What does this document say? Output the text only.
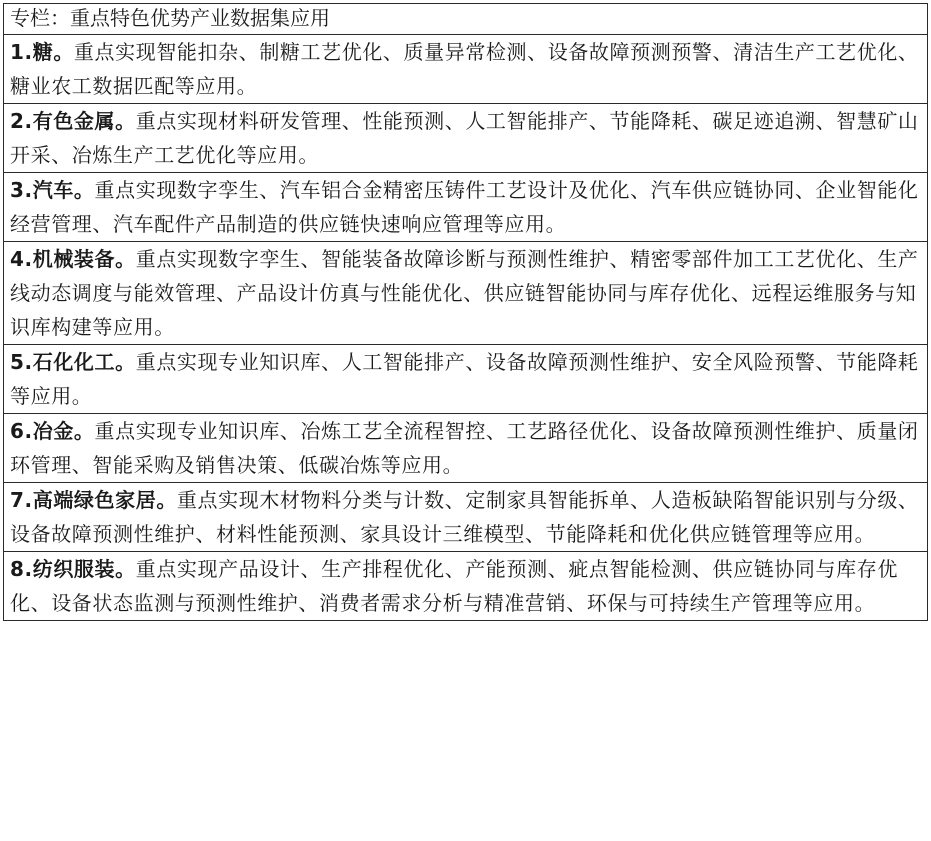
专栏：重点特色优势产业数据集应用
1.糖。重点实现智能扣杂、制糖工艺优化、质量异常检测、设备故障预测预警、清洁生产工艺优化、糖业农工数据匹配等应用。
2.有色金属。重点实现材料研发管理、性能预测、人工智能排产、节能降耗、碳足迹追溯、智慧矿山开采、冶炼生产工艺优化等应用。
3.汽车。重点实现数字孪生、汽车铝合金精密压铸件工艺设计及优化、汽车供应链协同、企业智能化经营管理、汽车配件产品制造的供应链快速响应管理等应用。
4.机械装备。重点实现数字孪生、智能装备故障诊断与预测性维护、精密零部件加工工艺优化、生产线动态调度与能效管理、产品设计仿真与性能优化、供应链智能协同与库存优化、远程运维服务与知识库构建等应用。
5.石化化工。重点实现专业知识库、人工智能排产、设备故障预测性维护、安全风险预警、节能降耗等应用。
6.冶金。重点实现专业知识库、冶炼工艺全流程智控、工艺路径优化、设备故障预测性维护、质量闭环管理、智能采购及销售决策、低碳冶炼等应用。
7.高端绿色家居。重点实现木材物料分类与计数、定制家具智能拆单、人造板缺陷智能识别与分级、设备故障预测性维护、材料性能预测、家具设计三维模型、节能降耗和优化供应链管理等应用。
8.纺织服装。重点实现产品设计、生产排程优化、产能预测、疵点智能检测、供应链协同与库存优化、设备状态监测与预测性维护、消费者需求分析与精准营销、环保与可持续生产管理等应用。
